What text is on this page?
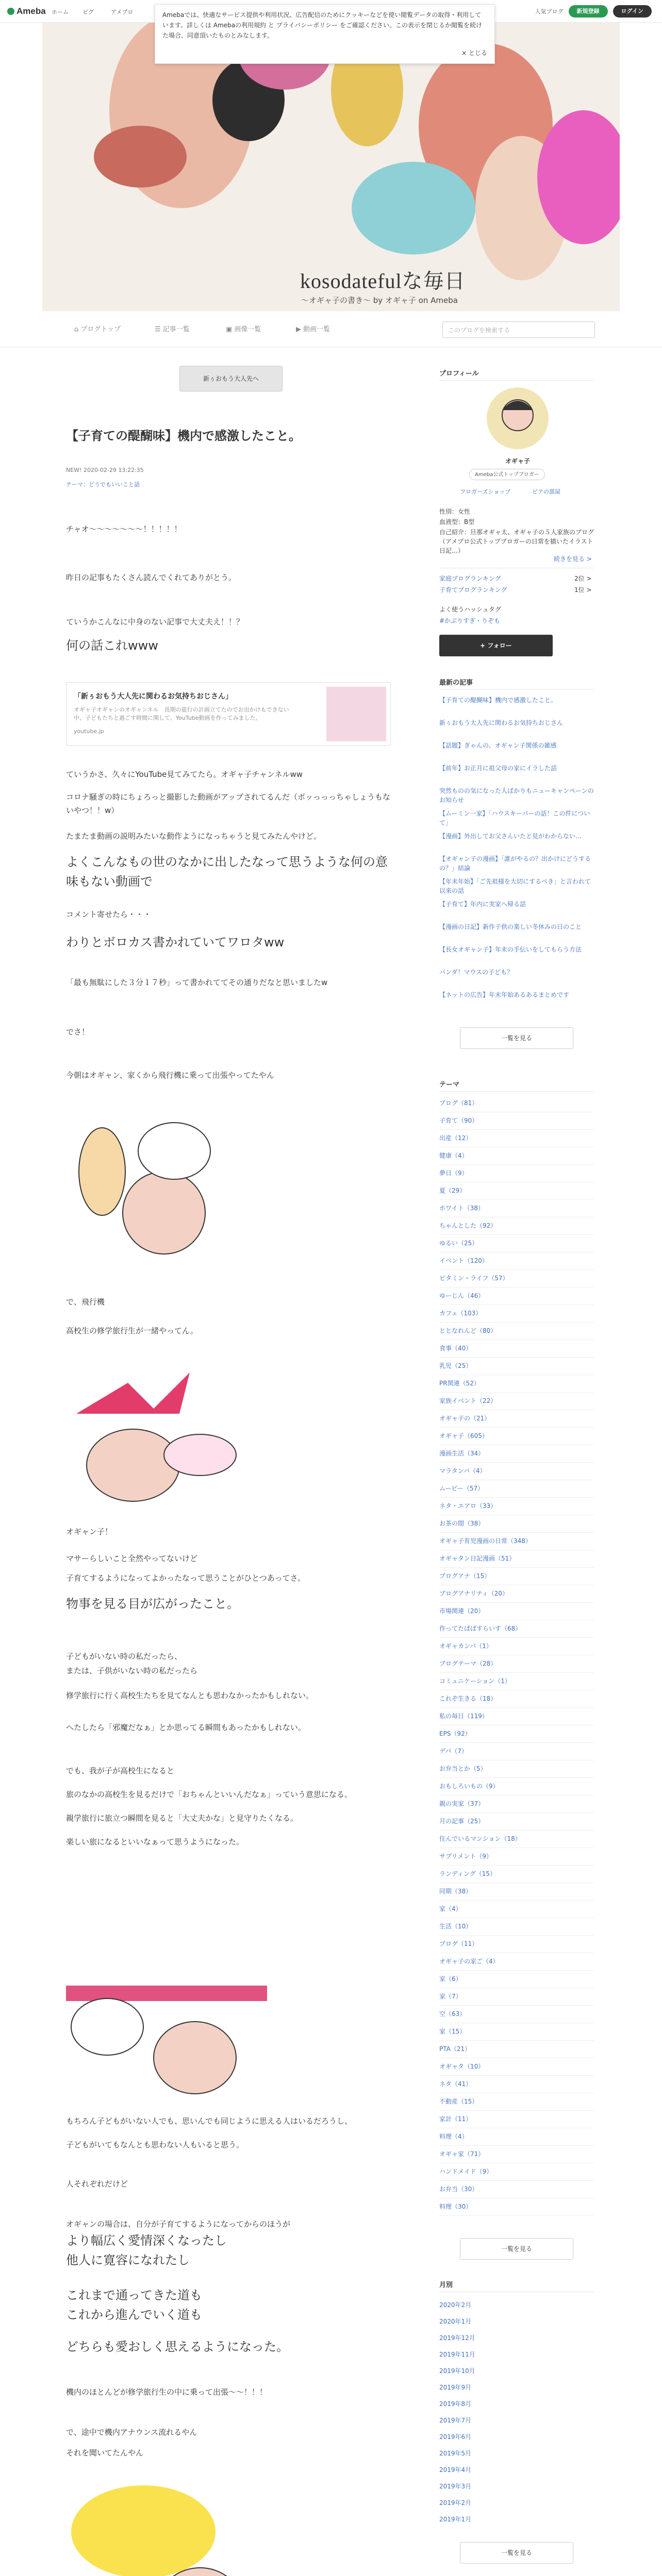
Ameba ホーム ピグ	アメブロ	人気ブログ	新規登録	ログイン
Amebaでは、快適なサービス提供や利用状況、広告配信のためにクッキーなどを使い閲覧データの取得・利用しています。詳しくは Amebaの利用規約 と プライバシーポリシー をご確認ください。この表示を閉じるか閲覧を続けた場合、同意頂いたものとみなします。
× とじる
kosodatefulな毎日
〜オギャ子の書き〜 by オギャ子 on Ameba
⌂ ブログトップ	☰ 記事一覧	▣ 画像一覧	▶ 動画一覧	このブログを検索する
新ぅおもう大人先へ
【子育ての醍醐味】機内で感激したこと。
NEW! 2020-02-29 13:22:35
テーマ：どうでもいいこと話

チャオ〜〜〜〜〜〜〜！！！！！

昨日の記事もたくさん読んでくれてありがとう。

ていうかこんなに中身のない記事で大丈夫え！！？

何の話これwww

「新ぅおもう大人先に関わるお気持ちおじさん」
オギャ子オギャンのオギャンネル　長期の旅行の計画立てたのでお出かけもできない中、子どもたちと過ごす時間に関して、YouTube動画を作ってみました。
youtube.jp

ていうかさ、久々にYouTube見てみてたら。オギャ子チャンネルww

コロナ騒ぎの時にちょろっと撮影した動画がアップされてるんだ（ポッっっっちゃしょうもないやつ！！w）

たまたま動画の説明みたいな動作ようになっちゃうと見てみたんやけど。

よくこんなもの世のなかに出したなって思うような何の意味もない動画で

コメント寄せたら・・・

わりとボロカス書かれていてワロタww

「最も無駄にした３分１７秒」って書かれててその通りだなと思いましたw

でさ！

今朝はオギャン、家くから飛行機に乗って出張やってたやん

で、飛行機

高校生の修学旅行生が一緒やってん。

オギャン子！

マサーらしいこと全然やってないけど

子育てするようになってよかったなって思うことがひとつあってさ。

物事を見る目が広がったこと。

子どもがいない時の私だったら、

または、子供がいない時の私だったら

修学旅行に行く高校生たちを見てなんとも思わなかったかもしれない。

へたしたら「邪魔だなぁ」とか思ってる瞬間もあったかもしれない。

でも、我が子が高校生になると

旅のなかの高校生を見るだけで「おちゃんといいんだなぁ」っていう意思になる。

親学旅行に旅立つ瞬間を見ると「大丈夫かな」と見守りたくなる。

楽しい旅になるといいなぁって思うようになった。

もちろん子どもがいない人でも、思いんでも同じように思える人はいるだろうし、

子どもがいてもなんとも思わない人もいると思う。

人それぞれだけど

オギャンの場合は、自分が子育てするようになってからのほうが

より幅広く愛情深くなったし

他人に寛容になれたし

これまで通ってきた道も

これから進んでいく道も

どちらも愛おしく思えるようになった。

機内のほとんどが修学旅行生の中に乗って出張〜〜！！！

で、途中で機内アナウンス流れるやん

それを聞いてたんやん

プロフィール
オギャ子
Ameba公式トップブロガー
フロガーズショップ	ピアの部屋
性別：女性
血液型：B型
自己紹介：旦那オギャ太、オギャ子の５人家族のブログ（アメブロ公式トップブロガーの日常を描いたイラスト日記…）
続きを見る >
家庭ブログランキング	2位 >
子育てブログランキング	1位 >
よく使うハッシュタグ
#かぶりすぎ・りぞも
+ フォロー
最新の記事
【子育ての醍醐味】機内で感激したこと。
新ぅおもう大人先に関わるお気持ちおじさん
【話題】ぎゃんの、オギャン子関係の雑感
【前年】お正月に祖父母の家にイラした話
突然ものの気になった人ばかりもニューキャンペーンのお知らせ
【ムーミン一家】「ハウスキーパーの話！この件について」
【漫画】外出してお父さんいたと見がわからない…
【オギャン子の漫画】「誰がやるの？出かけにどうするの？」結論
【年末年始】「ご先祖様を大切にするべき」と言われて以来の話
【子育て】年内に実家へ帰る話
【漫画の日記】新作子供の楽しい冬休みの日のこと
【長女オギャン子】年末の手伝いをしてもらう方法
パンダ！マウスの子ども？
【ネットの広告】年末年始あるあるまとめです
一覧を見る
テーマ
ブログ（81）
子育て（90）
出産（12）
健康（4）
夢日（9）
夏（29）
ホワイト（38）
ちゃんとした（92）
ゆるい（25）
イベント（120）
ビタミン・ライフ（57）
ゆーじん（46）
カフェ（103）
ととなれんど（80）
食事（40）
乳児（25）
PR関連（52）
家族イベント（22）
オギャ子の（21）
オギャ子（605）
漫画生活（34）
マラタンバ（4）
ムービー（57）
ネタ・エアロ（33）
お茶の間（38）
オギャ子育児漫画の日常（348）
オギャタン日記漫画（51）
ブログアナ（15）
ブログアナリティ（20）
市場関連（20）
作ってたぱぱすらいす（68）
オギャカンバ（1）
ブログテーマ（28）
コミュニケーション（1）
これぞ生きる（18）
私の毎日（119）
EPS（92）
デパ（7）
お弁当とか（5）
おもしろいもの（9）
親の実家（37）
月の記事（25）
住んでいるマンション（18）
サプリメント（9）
ランディング（15）
同期（38）
家（4）
生活（10）
ブログ（11）
オギャ子の家ご（4）
家（6）
家（7）
空（63）
家（15）
PTA（21）
オギャタ（10）
ネタ（41）
不動産（15）
家計（11）
料理（4）
オギャ家（71）
ハンドメイド（9）
お弁当（30）
料理（30）
一覧を見る
月別
2020年2月
2020年1月
2019年12月
2019年11月
2019年10月
2019年9月
2019年8月
2019年7月
2019年6月
2019年5月
2019年4月
2019年3月
2019年2月
2019年1月
一覧を見る
